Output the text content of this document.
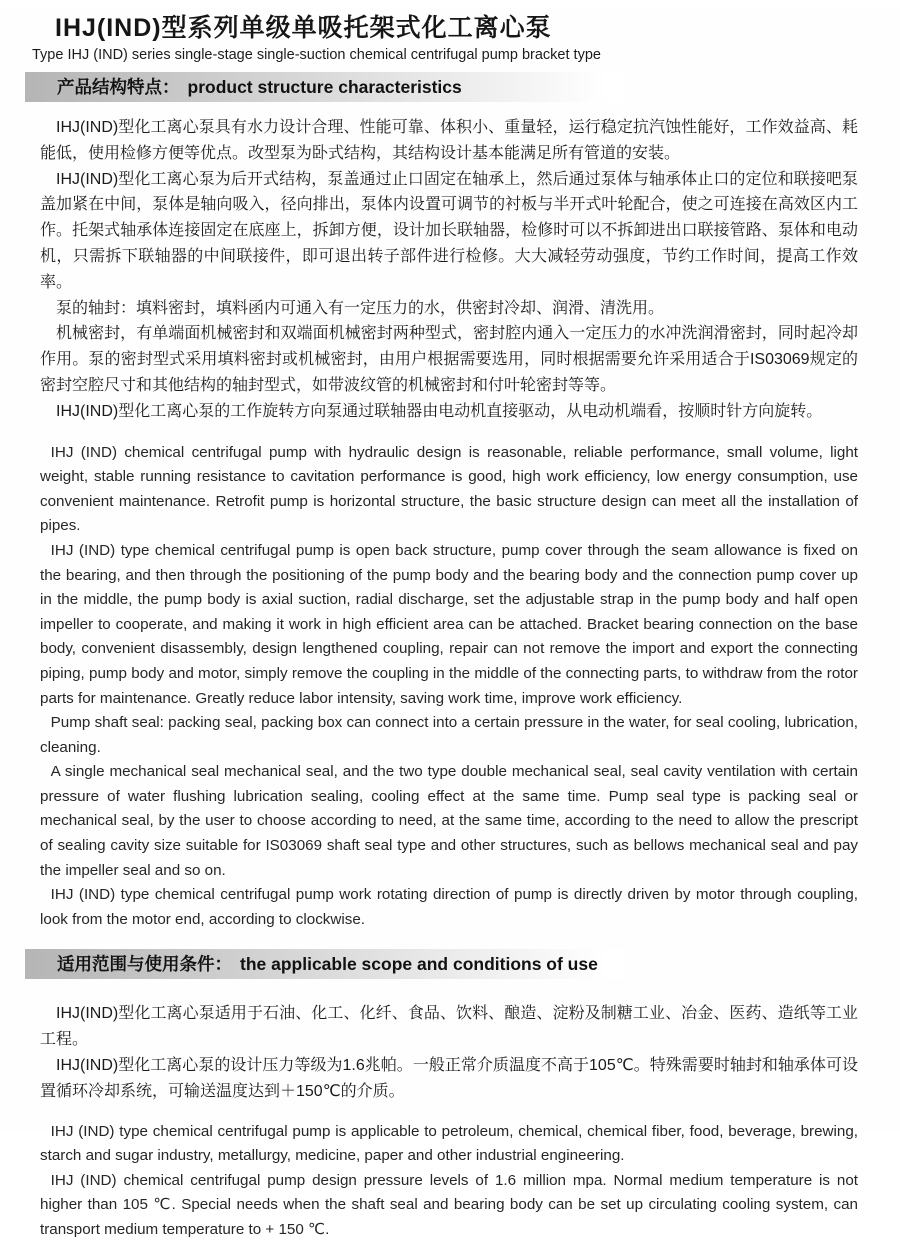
IHJ(IND)型系列单级单吸托架式化工离心泵
Type IHJ (IND) series single-stage single-suction chemical centrifugal pump bracket type
产品结构特点： product structure characteristics

IHJ(IND)型化工离心泵具有水力设计合理、性能可靠、体积小、重量轻，运行稳定抗汽蚀性能好，工作效益高、耗能低，使用检修方便等优点。改型泵为卧式结构，其结构设计基本能满足所有管道的安装。

IHJ(IND)型化工离心泵为后开式结构，泵盖通过止口固定在轴承上，然后通过泵体与轴承体止口的定位和联接吧泵盖加紧在中间，泵体是轴向吸入，径向排出，泵体内设置可调节的衬板与半开式叶轮配合，使之可连接在高效区内工作。托架式轴承体连接固定在底座上，拆卸方便，设计加长联轴器，检修时可以不拆卸进出口联接管路、泵体和电动机，只需拆下联轴器的中间联接件，即可退出转子部件进行检修。大大减轻劳动强度，节约工作时间，提高工作效率。

泵的轴封：填料密封，填料函内可通入有一定压力的水，供密封冷却、润滑、清洗用。

机械密封，有单端面机械密封和双端面机械密封两种型式，密封腔内通入一定压力的水冲洗润滑密封，同时起冷却作用。泵的密封型式采用填料密封或机械密封，由用户根据需要选用，同时根据需要允许采用适合于IS03069规定的密封空腔尺寸和其他结构的轴封型式，如带波纹管的机械密封和付叶轮密封等等。

IHJ(IND)型化工离心泵的工作旋转方向泵通过联轴器由电动机直接驱动，从电动机端看，按顺时针方向旋转。

IHJ (IND) chemical centrifugal pump with hydraulic design is reasonable, reliable performance, small volume, light weight, stable running resistance to cavitation performance is good, high work efficiency, low energy consumption, use convenient maintenance. Retrofit pump is horizontal structure, the basic structure design can meet all the installation of pipes.

IHJ (IND) type chemical centrifugal pump is open back structure, pump cover through the seam allowance is fixed on the bearing, and then through the positioning of the pump body and the bearing body and the connection pump cover up in the middle, the pump body is axial suction, radial discharge, set the adjustable strap in the pump body and half open impeller to cooperate, and making it work in high efficient area can be attached. Bracket bearing connection on the base body, convenient disassembly, design lengthened coupling, repair can not remove the import and export the connecting piping, pump body and motor, simply remove the coupling in the middle of the connecting parts, to withdraw from the rotor parts for maintenance. Greatly reduce labor intensity, saving work time, improve work efficiency.

Pump shaft seal: packing seal, packing box can connect into a certain pressure in the water, for seal cooling, lubrication, cleaning.

A single mechanical seal mechanical seal, and the two type double mechanical seal, seal cavity ventilation with certain pressure of water flushing lubrication sealing, cooling effect at the same time. Pump seal type is packing seal or mechanical seal, by the user to choose according to need, at the same time, according to the need to allow the prescript of sealing cavity size suitable for IS03069 shaft seal type and other structures, such as bellows mechanical seal and pay the impeller seal and so on.

IHJ (IND) type chemical centrifugal pump work rotating direction of pump is directly driven by motor through coupling, look from the motor end, according to clockwise.

适用范围与使用条件： the applicable scope and conditions of use

IHJ(IND)型化工离心泵适用于石油、化工、化纤、食品、饮料、酿造、淀粉及制糖工业、冶金、医药、造纸等工业工程。

IHJ(IND)型化工离心泵的设计压力等级为1.6兆帕。一般正常介质温度不高于105℃。特殊需要时轴封和轴承体可设置循环冷却系统，可输送温度达到＋150℃的介质。

IHJ (IND) type chemical centrifugal pump is applicable to petroleum, chemical, chemical fiber, food, beverage, brewing, starch and sugar industry, metallurgy, medicine, paper and other industrial engineering.

IHJ (IND) chemical centrifugal pump design pressure levels of 1.6 million mpa. Normal medium temperature is not higher than 105 ℃. Special needs when the shaft seal and bearing body can be set up circulating cooling system, can transport medium temperature to + 150 ℃.
